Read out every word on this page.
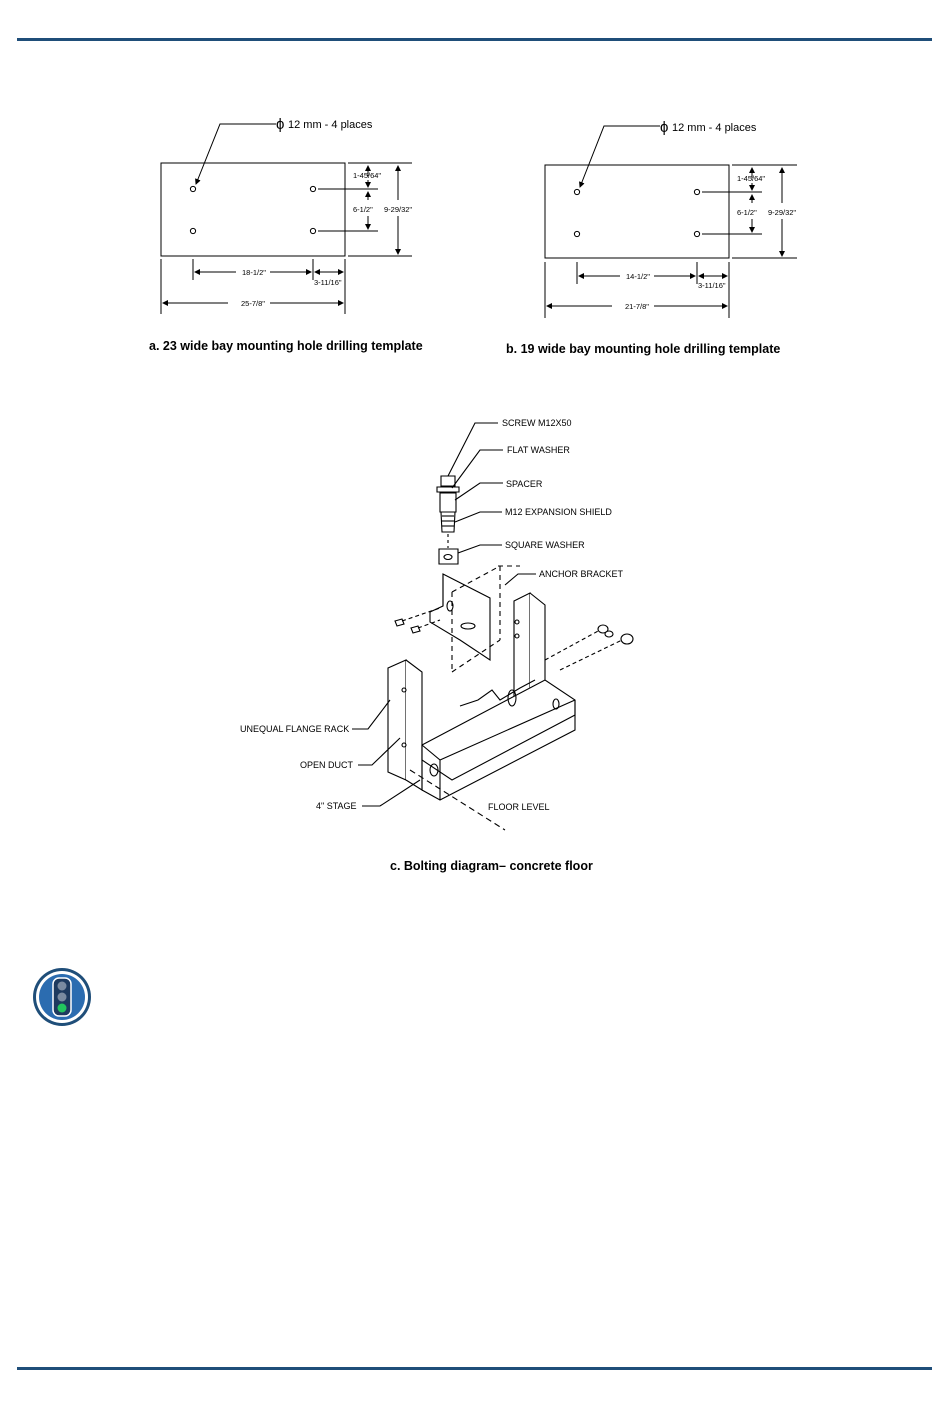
ϕ 12 mm - 4 places
1-45/64"
6-1/2" 9-29/32"
18-1/2"
3-11/16"
25-7/8"
a. 23 wide bay mounting hole drilling template
ϕ 12 mm - 4 places
1-45/64"
6-1/2" 9-29/32"
14-1/2"
3-11/16"
21-7/8"
b. 19 wide bay mounting hole drilling template
SCREW M12X50
FLAT WASHER
SPACER
M12 EXPANSION SHIELD
SQUARE WASHER
ANCHOR BRACKET
UNEQUAL FLANGE RACK
OPEN DUCT
4" STAGE	FLOOR LEVEL
c. Bolting diagram– concrete floor
